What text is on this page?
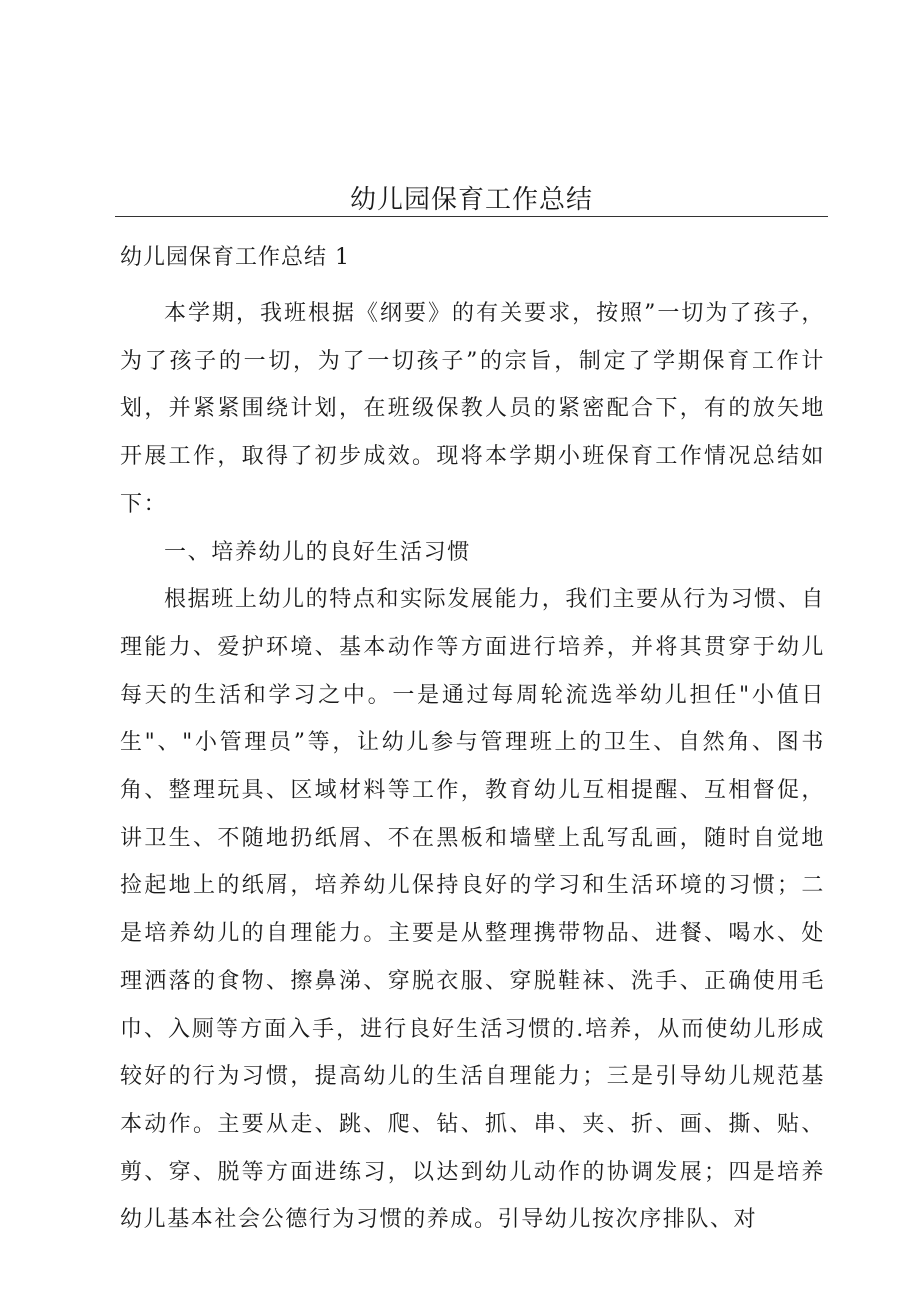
幼儿园保育工作总结
幼儿园保育工作总结 1

本学期，我班根据《纲要》的有关要求，按照”一切为了孩子，为了孩子的一切，为了一切孩子”的宗旨，制定了学期保育工作计划，并紧紧围绕计划，在班级保教人员的紧密配合下，有的放矢地开展工作，取得了初步成效。现将本学期小班保育工作情况总结如下：

一、培养幼儿的良好生活习惯

根据班上幼儿的特点和实际发展能力，我们主要从行为习惯、自理能力、爱护环境、基本动作等方面进行培养，并将其贯穿于幼儿每天的生活和学习之中。一是通过每周轮流选举幼儿担任"小值日生"、"小管理员”等，让幼儿参与管理班上的卫生、自然角、图书角、整理玩具、区域材料等工作，教育幼儿互相提醒、互相督促，讲卫生、不随地扔纸屑、不在黑板和墙壁上乱写乱画，随时自觉地捡起地上的纸屑，培养幼儿保持良好的学习和生活环境的习惯；二是培养幼儿的自理能力。主要是从整理携带物品、进餐、喝水、处理洒落的食物、擦鼻涕、穿脱衣服、穿脱鞋袜、洗手、正确使用毛巾、入厕等方面入手，进行良好生活习惯的.培养，从而使幼儿形成较好的行为习惯，提高幼儿的生活自理能力；三是引导幼儿规范基本动作。主要从走、跳、爬、钻、抓、串、夹、折、画、撕、贴、剪、穿、脱等方面进练习，以达到幼儿动作的协调发展；四是培养幼儿基本社会公德行为习惯的养成。引导幼儿按次序排队、对
